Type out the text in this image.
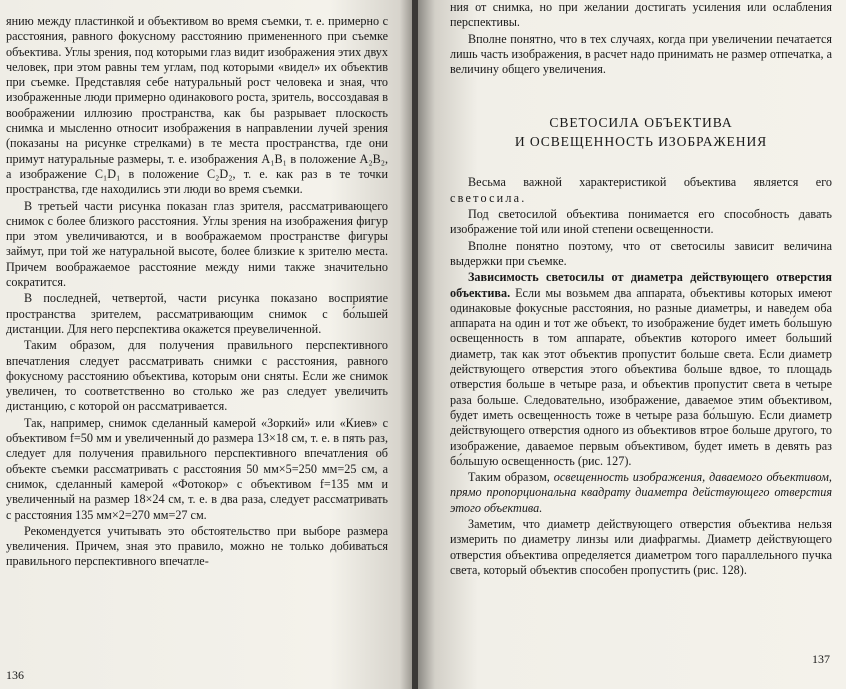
янию между пластинкой и объективом во время съемки, т. е. примерно с расстояния, равного фокусному расстоянию примененного при съемке объектива. Углы зрения, под которыми глаз видит изображения этих двух человек, при этом равны тем углам, под которыми «видел» их объектив при съемке. Представляя себе натуральный рост человека и зная, что изображенные люди примерно одинакового роста, зритель, воссоздавая в воображении иллюзию пространства, как бы разрывает плоскость снимка и мысленно относит изображения в направлении лучей зрения (показаны на рисунке стрелками) в те места пространства, где они примут натуральные размеры, т. е. изображения A₁B₁ в положение A₂B₂, а изображение C₁D₁ в положение C₂D₂, т. е. как раз в те точки пространства, где находились эти люди во время съемки.

В третьей части рисунка показан глаз зрителя, рассматривающего снимок с более близкого расстояния. Углы зрения на изображения фигур при этом увеличиваются, и в воображаемом пространстве фигуры займут, при той же натуральной высоте, более близкие к зрителю места. Причем воображаемое расстояние между ними также значительно сократится.

В последней, четвертой, части рисунка показано восприятие пространства зрителем, рассматривающим снимок с бо́льшей дистанции. Для него перспектива окажется преувеличенной.

Таким образом, для получения правильного перспективного впечатления следует рассматривать снимки с расстояния, равного фокусному расстоянию объектива, которым они сняты. Если же снимок увеличен, то соответственно во столько же раз следует увеличить дистанцию, с которой он рассматривается.

Так, например, снимок сделанный камерой «Зоркий» или «Киев» с объективом f=50 мм и увеличенный до размера 13×18 см, т. е. в пять раз, следует для получения правильного перспективного впечатления об объекте съемки рассматривать с расстояния 50 мм×5=250 мм=25 см, а снимок, сделанный камерой «Фотокор» с объективом f=135 мм и увеличенный на размер 18×24 см, т. е. в два раза, следует рассматривать с расстояния 135 мм×2=270 мм=27 см.

Рекомендуется учитывать это обстоятельство при выборе размера увеличения. Причем, зная это правило, можно не только добиваться правильного перспективного впечатле-

136

ния от снимка, но при желании достигать усиления или ослабления перспективы.

Вполне понятно, что в тех случаях, когда при увеличении печатается лишь часть изображения, в расчет надо принимать не размер отпечатка, а величину общего увеличения.

СВЕТОСИЛА ОБЪЕКТИВА
И ОСВЕЩЕННОСТЬ ИЗОБРАЖЕНИЯ

Весьма важной характеристикой объектива является его светосила.

Под светосилой объектива понимается его способность давать изображение той или иной степени освещенности.

Вполне понятно поэтому, что от светосилы зависит величина выдержки при съемке.

Зависимость светосилы от диаметра действующего отверстия объектива. Если мы возьмем два аппарата, объективы которых имеют одинаковые фокусные расстояния, но разные диаметры, и наведем оба аппарата на один и тот же объект, то изображение будет иметь бо́льшую освещенность в том аппарате, объектив которого имеет больший диаметр, так как этот объектив пропустит больше света. Если диаметр действующего отверстия этого объектива больше вдвое, то площадь отверстия больше в четыре раза, и объектив пропустит света в четыре раза больше. Следовательно, изображение, даваемое этим объективом, будет иметь освещенность тоже в четыре раза бо́льшую. Если диаметр действующего отверстия одного из объективов втрое больше другого, то изображение, даваемое первым объективом, будет иметь в девять раз бо́льшую освещенность (рис. 127).

Таким образом, освещенность изображения, даваемого объективом, прямо пропорциональна квадрату диаметра действующего отверстия этого объектива.

Заметим, что диаметр действующего отверстия объектива нельзя измерить по диаметру линзы или диафрагмы. Диаметр действующего отверстия объектива определяется диаметром того параллельного пучка света, который объектив способен пропустить (рис. 128).

137
